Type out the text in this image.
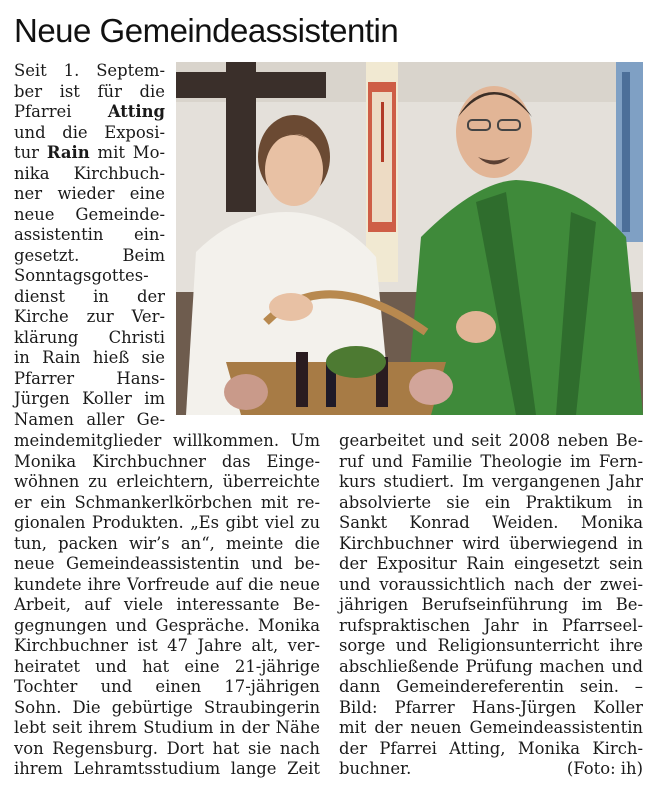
Neue Gemeindeassistentin
Seit 1. Septem-
ber ist für die
Pfarrei Atting
und die Exposi-
tur Rain mit Mo-
nika Kirchbuch-
ner wieder eine
neue Gemeinde-
assistentin ein-
gesetzt. Beim
Sonntagsgottes-
dienst in der
Kirche zur Ver-
klärung Christi
in Rain hieß sie
Pfarrer Hans-
Jürgen Koller im
Namen aller Ge-
meindemitglieder willkommen. Um
Monika Kirchbuchner das Einge-
wöhnen zu erleichtern, überreichte
er ein Schmankerlkörbchen mit re-
gionalen Produkten. „Es gibt viel zu
tun, packen wir’s an“, meinte die
neue Gemeindeassistentin und be-
kundete ihre Vorfreude auf die neue
Arbeit, auf viele interessante Be-
gegnungen und Gespräche. Monika
Kirchbuchner ist 47 Jahre alt, ver-
heiratet und hat eine 21-jährige
Tochter und einen 17-jährigen
Sohn. Die gebürtige Straubingerin
lebt seit ihrem Studium in der Nähe
von Regensburg. Dort hat sie nach
ihrem Lehramtsstudium lange Zeit
gearbeitet und seit 2008 neben Be-
ruf und Familie Theologie im Fern-
kurs studiert. Im vergangenen Jahr
absolvierte sie ein Praktikum in
Sankt Konrad Weiden. Monika
Kirchbuchner wird überwiegend in
der Expositur Rain eingesetzt sein
und voraussichtlich nach der zwei-
jährigen Berufseinführung im Be-
rufspraktischen Jahr in Pfarrseel-
sorge und Religionsunterricht ihre
abschließende Prüfung machen und
dann Gemeindereferentin sein. –
Bild: Pfarrer Hans-Jürgen Koller
mit der neuen Gemeindeassistentin
der Pfarrei Atting, Monika Kirch-
buchner.	(Foto: ih)
